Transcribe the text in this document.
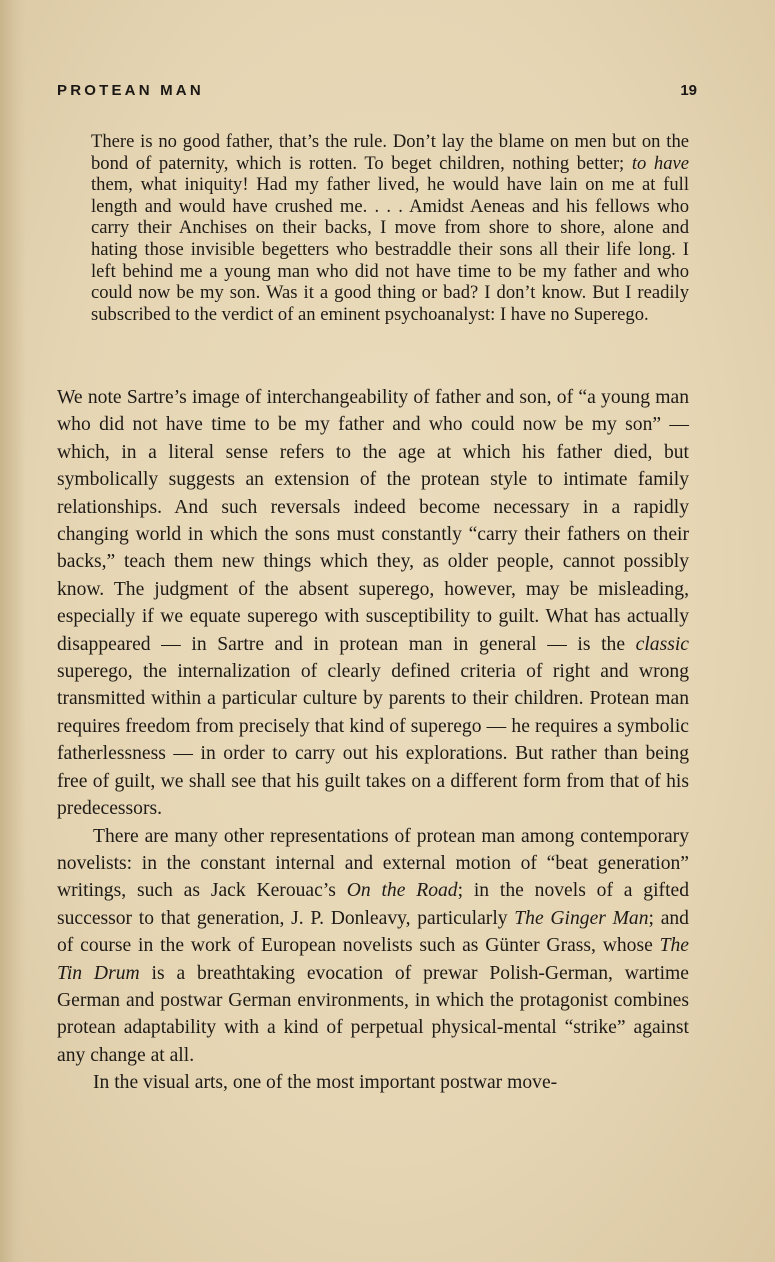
PROTEAN MAN	19

There is no good father, that’s the rule. Don’t lay the blame on men but on the bond of paternity, which is rotten. To beget children, nothing better; to have them, what iniquity! Had my father lived, he would have lain on me at full length and would have crushed me. . . . Amidst Aeneas and his fellows who carry their Anchises on their backs, I move from shore to shore, alone and hating those invisible begetters who bestraddle their sons all their life long. I left behind me a young man who did not have time to be my father and who could now be my son. Was it a good thing or bad? I don’t know. But I readily subscribed to the verdict of an eminent psychoanalyst: I have no Superego.

We note Sartre’s image of interchangeability of father and son, of “a young man who did not have time to be my father and who could now be my son” — which, in a literal sense refers to the age at which his father died, but symbolically suggests an extension of the protean style to intimate family relationships. And such reversals indeed become necessary in a rapidly changing world in which the sons must constantly “carry their fathers on their backs,” teach them new things which they, as older people, cannot possibly know. The judgment of the absent superego, however, may be misleading, especially if we equate superego with susceptibility to guilt. What has actually disappeared — in Sartre and in protean man in general — is the classic superego, the internalization of clearly defined criteria of right and wrong transmitted within a particular culture by parents to their children. Protean man requires freedom from precisely that kind of superego — he requires a symbolic fatherlessness — in order to carry out his explorations. But rather than being free of guilt, we shall see that his guilt takes on a different form from that of his predecessors.

There are many other representations of protean man among contemporary novelists: in the constant internal and external motion of “beat generation” writings, such as Jack Kerouac’s On the Road; in the novels of a gifted successor to that generation, J. P. Donleavy, particularly The Ginger Man; and of course in the work of European novelists such as Günter Grass, whose The Tin Drum is a breathtaking evocation of prewar Polish-German, wartime German and postwar German environments, in which the protagonist combines protean adaptability with a kind of perpetual physical-mental “strike” against any change at all.

In the visual arts, one of the most important postwar move-
